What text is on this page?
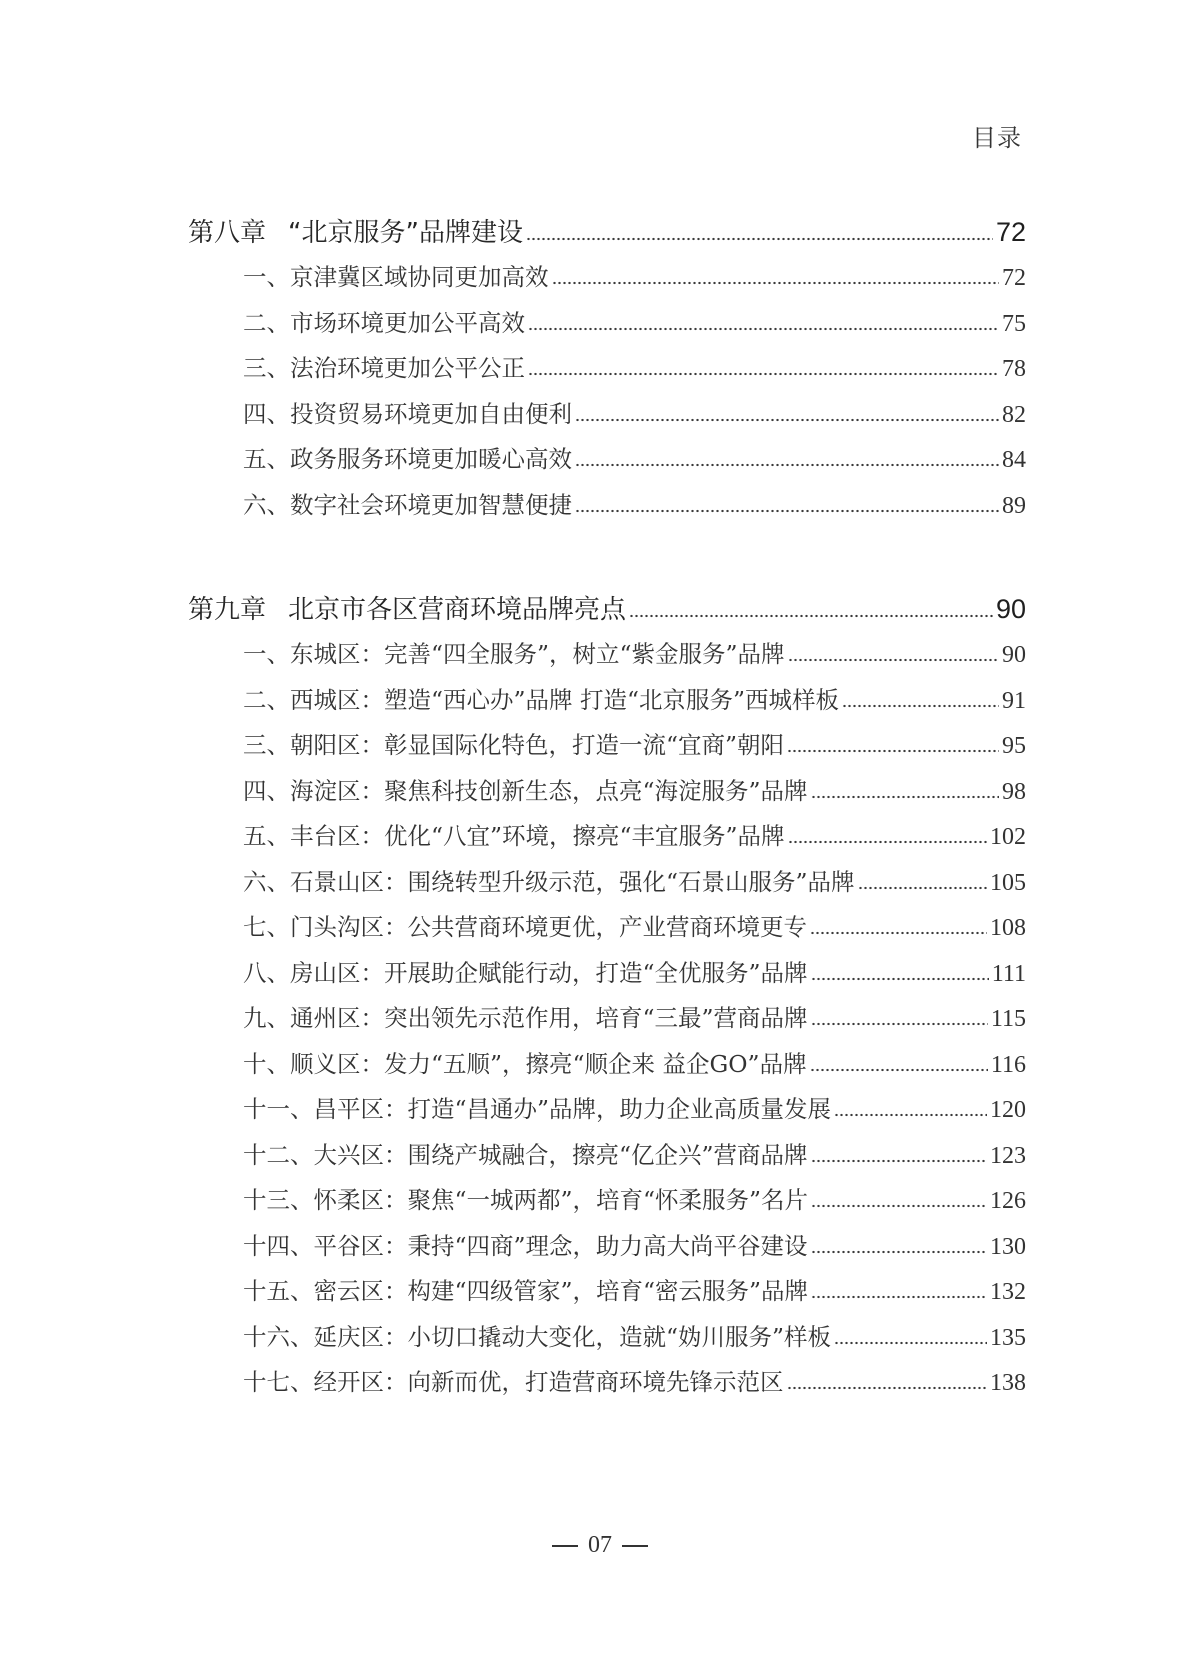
目录
第八章 “北京服务”品牌建设	72
一、 京津冀区域协同更加高效	72
二、 市场环境更加公平高效	75
三、 法治环境更加公平公正	78
四、 投资贸易环境更加自由便利	82
五、 政务服务环境更加暖心高效	84
六、 数字社会环境更加智慧便捷	89
第九章 北京市各区营商环境品牌亮点	90
一、 东城区：完善“四全服务”，树立“紫金服务”品牌	90
二、 西城区：塑造“西心办”品牌 打造“北京服务”西城样板	91
三、 朝阳区：彰显国际化特色，打造一流“宜商”朝阳	95
四、 海淀区：聚焦科技创新生态，点亮“海淀服务”品牌	98
五、 丰台区：优化“八宜”环境，擦亮“丰宜服务”品牌	102
六、 石景山区：围绕转型升级示范，强化“石景山服务”品牌	105
七、 门头沟区：公共营商环境更优，产业营商环境更专	108
八、 房山区：开展助企赋能行动，打造“全优服务”品牌	111
九、 通州区：突出领先示范作用，培育“三最”营商品牌	115
十、 顺义区：发力“五顺”，擦亮“顺企来 益企GO”品牌	116
十一、 昌平区：打造“昌通办”品牌，助力企业高质量发展	120
十二、 大兴区：围绕产城融合，擦亮“亿企兴”营商品牌	123
十三、 怀柔区：聚焦“一城两都”，培育“怀柔服务”名片	126
十四、 平谷区：秉持“四商”理念，助力高大尚平谷建设	130
十五、 密云区：构建“四级管家”，培育“密云服务”品牌	132
十六、 延庆区：小切口撬动大变化，造就“妫川服务”样板	135
十七、 经开区：向新而优，打造营商环境先锋示范区	138
07
